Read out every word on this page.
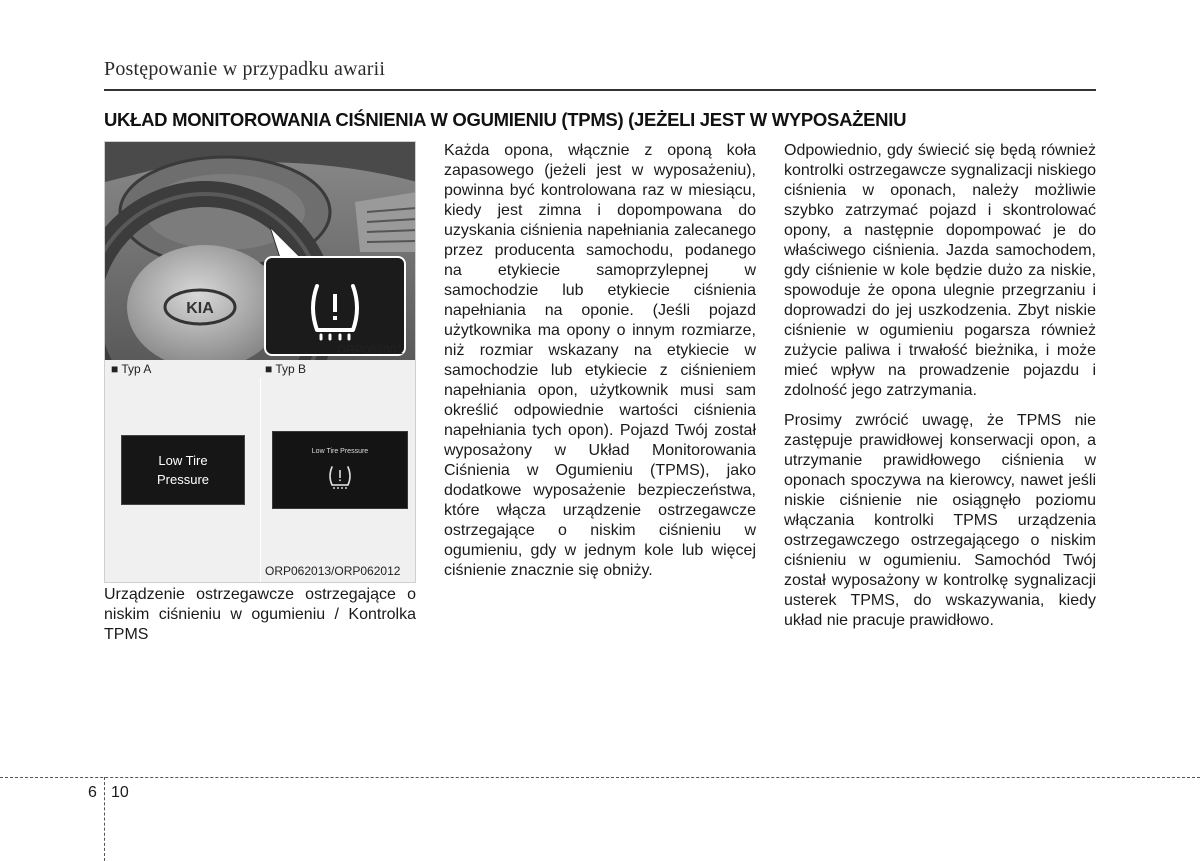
Postępowanie w przypadku awarii
UKŁAD MONITOROWANIA CIŚNIENIA W OGUMIENIU (TPMS) (JEŻELI JEST W WYPOSAŻENIU
KIA
ORP062001
■ Typ A	■ Typ B
Low Tire
Pressure
Low Tire Pressure
ORP062013/ORP062012
Urządzenie ostrzegawcze ostrzegające o niskim ciśnieniu w ogumieniu / Kontrolka TPMS

Każda opona, włącznie z oponą koła zapasowego (jeżeli jest w wyposażeniu), powinna być kontrolowana raz w miesiącu, kiedy jest zimna i dopompowana do uzyskania ciśnienia napełniania zalecanego przez producenta samochodu, podanego na etykiecie samoprzylepnej w samochodzie lub etykiecie ciśnienia napełniania na oponie. (Jeśli pojazd użytkownika ma opony o innym rozmiarze, niż rozmiar wskazany na etykiecie w samochodzie lub etykiecie z ciśnieniem napełniania opon, użytkownik musi sam określić odpowiednie wartości ciśnienia napełniania tych opon). Pojazd Twój został wyposażony w Układ Monitorowania Ciśnienia w Ogumieniu (TPMS), jako dodatkowe wyposażenie bezpieczeństwa, które włącza urządzenie ostrzegawcze ostrzegające o niskim ciśnieniu w ogumieniu, gdy w jednym kole lub więcej ciśnienie znacznie się obniży.

Odpowiednio, gdy świecić się będą również kontrolki ostrzegawcze sygnalizacji niskiego ciśnienia w oponach, należy możliwie szybko zatrzymać pojazd i skontrolować opony, a następnie dopompować je do właściwego ciśnienia. Jazda samochodem, gdy ciśnienie w kole będzie dużo za niskie, spowoduje że opona ulegnie przegrzaniu i doprowadzi do jej uszkodzenia. Zbyt niskie ciśnienie w ogumieniu pogarsza również zużycie paliwa i trwałość bieżnika, i może mieć wpływ na prowadzenie pojazdu i zdolność jego zatrzymania.

Prosimy zwrócić uwagę, że TPMS nie zastępuje prawidłowej konserwacji opon, a utrzymanie prawidłowego ciśnienia w oponach spoczywa na kierowcy, nawet jeśli niskie ciśnienie nie osiągnęło poziomu włączania kontrolki TPMS urządzenia ostrzegawczego ostrzegającego o niskim ciśnieniu w ogumieniu. Samochód Twój został wyposażony w kontrolkę sygnalizacji usterek TPMS, do wskazywania, kiedy układ nie pracuje prawidłowo.

6 10
